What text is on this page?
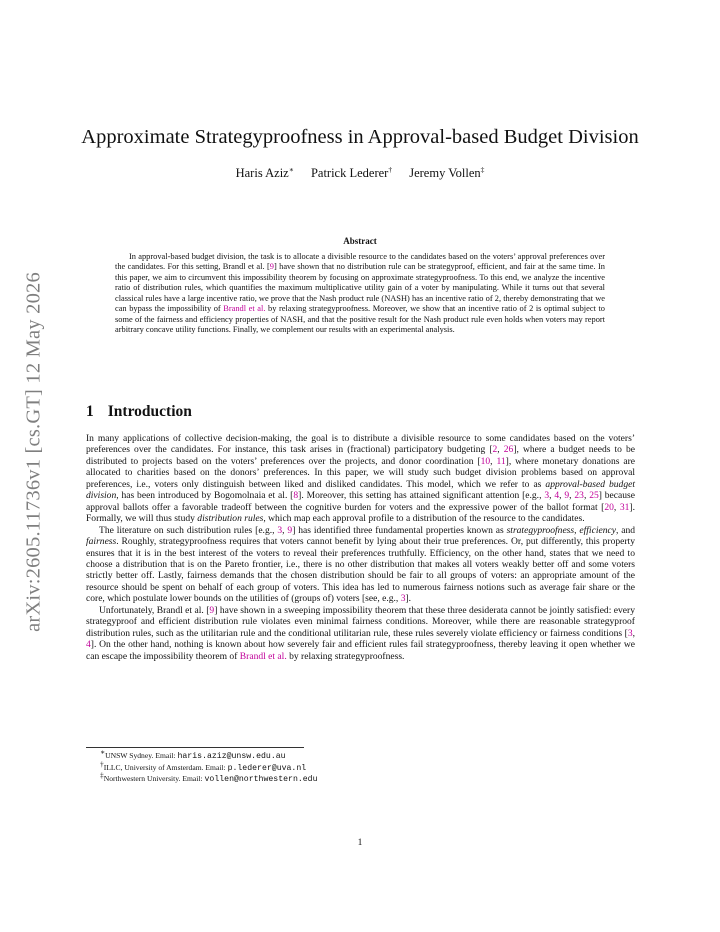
arXiv:2605.11736v1 [cs.GT] 12 May 2026
Approximate Strategyproofness in Approval-based Budget Division
Haris Aziz∗ Patrick Lederer† Jeremy Vollen‡
Abstract
In approval-based budget division, the task is to allocate a divisible resource to the candidates based on the voters’ approval preferences over the candidates. For this setting, Brandl et al. [9] have shown that no distribution rule can be strategyproof, efficient, and fair at the same time. In this paper, we aim to circumvent this impossibility theorem by focusing on approximate strategyproofness. To this end, we analyze the incentive ratio of distribution rules, which quantifies the maximum multiplicative utility gain of a voter by manipulating. While it turns out that several classical rules have a large incentive ratio, we prove that the Nash product rule (NASH) has an incentive ratio of 2, thereby demonstrating that we can bypass the impossibility of Brandl et al. by relaxing strategyproofness. Moreover, we show that an incentive ratio of 2 is optimal subject to some of the fairness and efficiency properties of NASH, and that the positive result for the Nash product rule even holds when voters may report arbitrary concave utility functions. Finally, we complement our results with an experimental analysis.
1 Introduction

In many applications of collective decision-making, the goal is to distribute a divisible resource to some candidates based on the voters’ preferences over the candidates. For instance, this task arises in (fractional) participatory budgeting [2, 26], where a budget needs to be distributed to projects based on the voters’ preferences over the projects, and donor coordination [10, 11], where monetary donations are allocated to charities based on the donors’ preferences. In this paper, we will study such budget division problems based on approval preferences, i.e., voters only distinguish between liked and disliked candidates. This model, which we refer to as approval-based budget division, has been introduced by Bogomolnaia et al. [8]. Moreover, this setting has attained significant attention [e.g., 3, 4, 9, 23, 25] because approval ballots offer a favorable tradeoff between the cognitive burden for voters and the expressive power of the ballot format [20, 31]. Formally, we will thus study distribution rules, which map each approval profile to a distribution of the resource to the candidates.

The literature on such distribution rules [e.g., 3, 9] has identified three fundamental properties known as strategyproofness, efficiency, and fairness. Roughly, strategyproofness requires that voters cannot benefit by lying about their true preferences. Or, put differently, this property ensures that it is in the best interest of the voters to reveal their preferences truthfully. Efficiency, on the other hand, states that we need to choose a distribution that is on the Pareto frontier, i.e., there is no other distribution that makes all voters weakly better off and some voters strictly better off. Lastly, fairness demands that the chosen distribution should be fair to all groups of voters: an appropriate amount of the resource should be spent on behalf of each group of voters. This idea has led to numerous fairness notions such as average fair share or the core, which postulate lower bounds on the utilities of (groups of) voters [see, e.g., 3].

Unfortunately, Brandl et al. [9] have shown in a sweeping impossibility theorem that these three desiderata cannot be jointly satisfied: every strategyproof and efficient distribution rule violates even minimal fairness conditions. Moreover, while there are reasonable strategyproof distribution rules, such as the utilitarian rule and the conditional utilitarian rule, these rules severely violate efficiency or fairness conditions [3, 4]. On the other hand, nothing is known about how severely fair and efficient rules fail strategyproofness, thereby leaving it open whether we can escape the impossibility theorem of Brandl et al. by relaxing strategyproofness.

∗UNSW Sydney. Email: haris.aziz@unsw.edu.au
†ILLC, University of Amsterdam. Email: p.lederer@uva.nl
‡Northwestern University. Email: vollen@northwestern.edu
1
